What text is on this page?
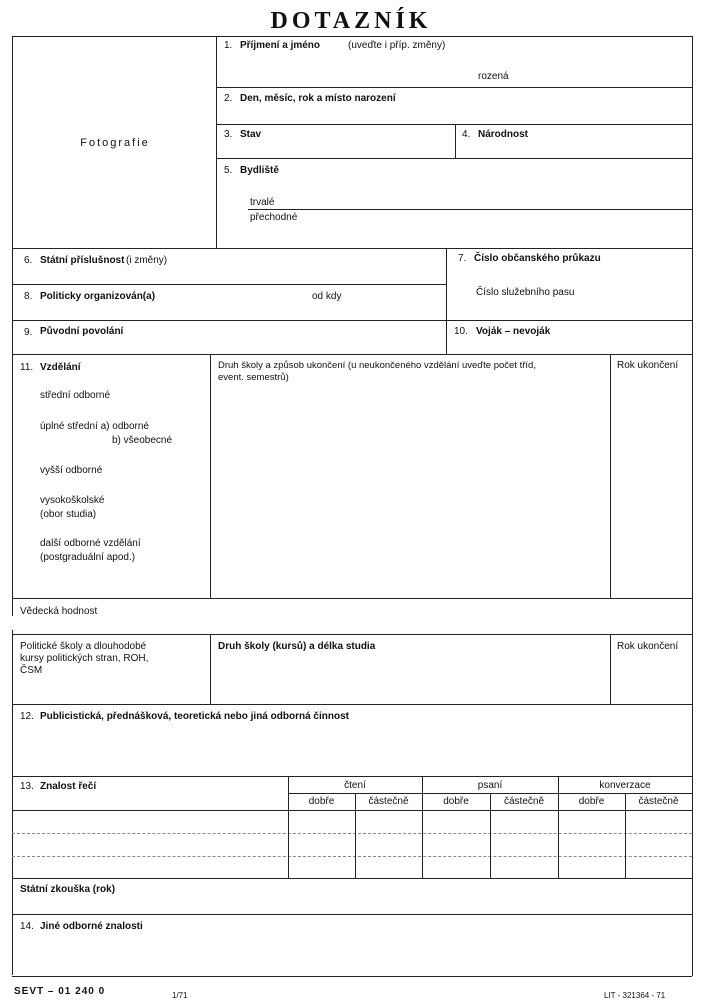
DOTAZNÍK
Fotografie
1. Příjmení a jméno	(uveďte i příp. změny)
rozená
2. Den, měsíc, rok a místo narození
3. Stav	4. Národnost
5. Bydliště
trvalé
přechodné
6. Státní příslušnost (i změny)	7. Číslo občanského průkazu
Číslo služebního pasu
8. Politicky organizován(a)	od kdy
9. Původní povolání	10. Voják – nevoják
11. Vzdělání
střední odborné
úplné střední a) odborné
b) všeobecné
vyšší odborné
vysokoškolské
(obor studia)
další odborné vzdělání
(postgraduální apod.)
Druh školy a způsob ukončení (u neukončeného vzdělání uveďte počet tříd,
event. semestrů)
Rok ukončení
Vědecká hodnost
Politické školy a dlouhodobé
kursy politických stran, ROH,
ČSM
Druh školy (kursů) a délka studia	Rok ukončení
12. Publicistická, přednášková, teoretická nebo jiná odborná činnost
13. Znalost řečí	čtení	psaní	konverzace
dobře	částečně	dobře	částečně	dobře	částečně
Státní zkouška (rok)
14. Jiné odborné znalosti
SEVT – 01 240 0	1/71	LIT - 321364 - 71
